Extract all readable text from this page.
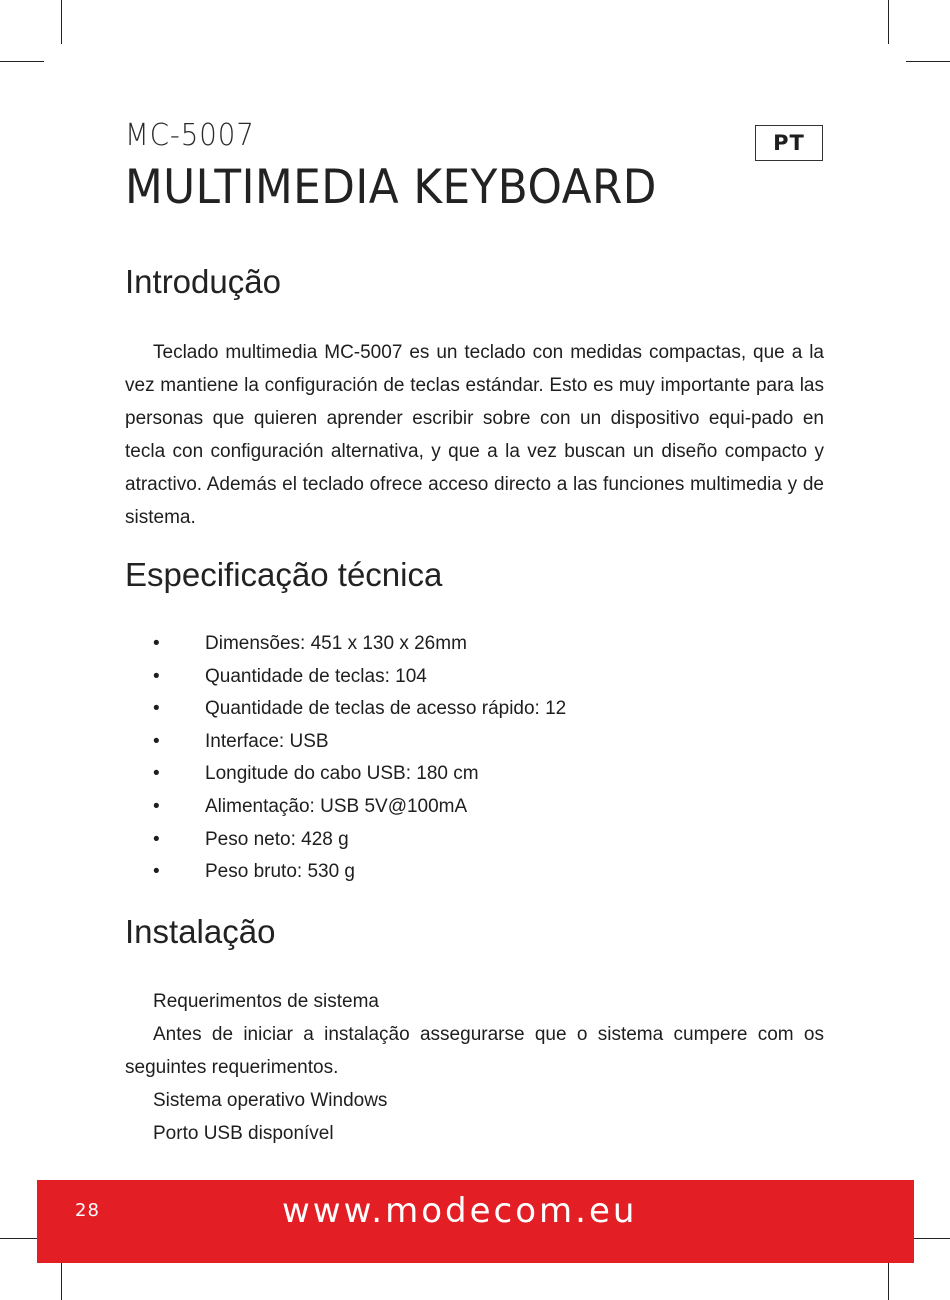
MC-5007
MULTIMEDIA KEYBOARD
PT
Introdução

Teclado multimedia MC-5007 es un teclado con medidas compactas, que a la vez mantiene la configuración de teclas estándar. Esto es muy importante para las personas que quieren aprender escribir sobre con un dispositivo equi-pado en tecla con configuración alternativa, y que a la vez buscan un diseño compacto y atractivo. Además el teclado ofrece acceso directo a las funciones multimedia y de sistema.

Especificação técnica
•	Dimensões: 451 x 130 x 26mm
•	Quantidade de teclas: 104
•	Quantidade de teclas de acesso rápido: 12
•	Interface: USB
•	Longitude do cabo USB: 180 cm
•	Alimentação: USB 5V@100mA
•	Peso neto: 428 g
•	Peso bruto: 530 g
Instalação

Requerimentos de sistema

Antes de iniciar a instalação assegurarse que o sistema cumpere com os seguintes requerimentos.

Sistema operativo Windows

Porto USB disponível

28	www.modecom.eu
